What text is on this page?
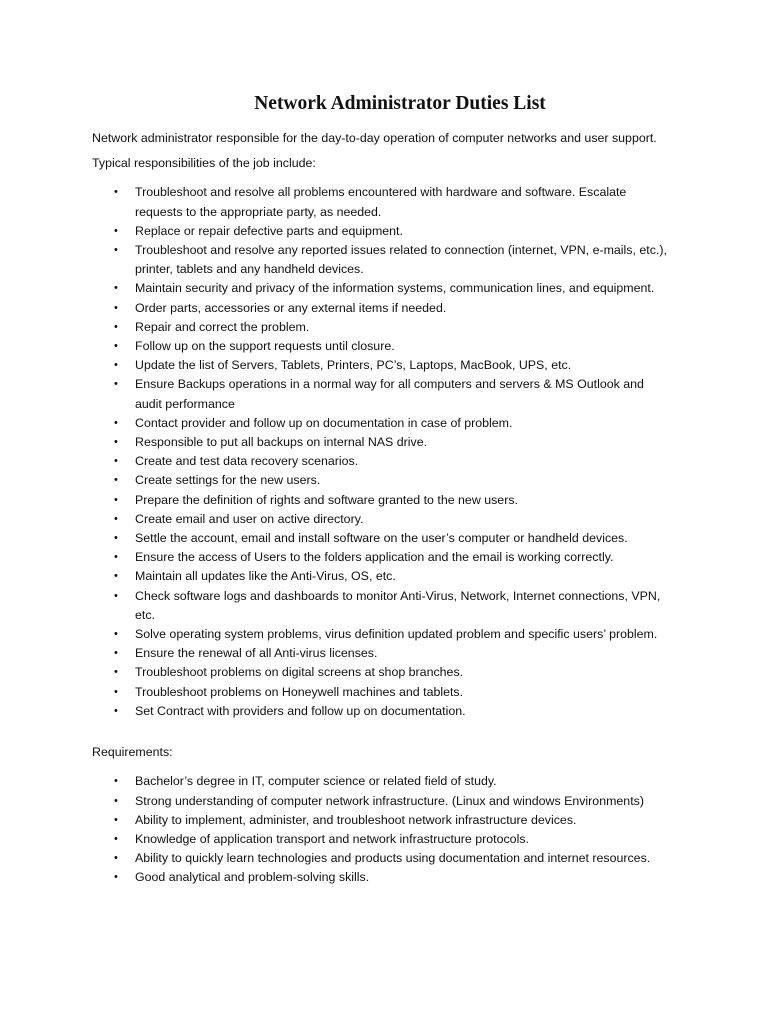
Network Administrator Duties List

Network administrator responsible for the day-to-day operation of computer networks and user support.

Typical responsibilities of the job include:

• Troubleshoot and resolve all problems encountered with hardware and software. Escalate requests to the appropriate party, as needed.
• Replace or repair defective parts and equipment.
• Troubleshoot and resolve any reported issues related to connection (internet, VPN, e-mails, etc.), printer, tablets and any handheld devices.
• Maintain security and privacy of the information systems, communication lines, and equipment.
• Order parts, accessories or any external items if needed.
• Repair and correct the problem.
• Follow up on the support requests until closure.
• Update the list of Servers, Tablets, Printers, PC’s, Laptops, MacBook, UPS, etc.
• Ensure Backups operations in a normal way for all computers and servers & MS Outlook and audit performance
• Contact provider and follow up on documentation in case of problem.
• Responsible to put all backups on internal NAS drive.
• Create and test data recovery scenarios.
• Create settings for the new users.
• Prepare the definition of rights and software granted to the new users.
• Create email and user on active directory.
• Settle the account, email and install software on the user’s computer or handheld devices.
• Ensure the access of Users to the folders application and the email is working correctly.
• Maintain all updates like the Anti-Virus, OS, etc.
• Check software logs and dashboards to monitor Anti-Virus, Network, Internet connections, VPN, etc.
• Solve operating system problems, virus definition updated problem and specific users’ problem.
• Ensure the renewal of all Anti-virus licenses.
• Troubleshoot problems on digital screens at shop branches.
• Troubleshoot problems on Honeywell machines and tablets.
• Set Contract with providers and follow up on documentation.

Requirements:

• Bachelor’s degree in IT, computer science or related field of study.
• Strong understanding of computer network infrastructure. (Linux and windows Environments)
• Ability to implement, administer, and troubleshoot network infrastructure devices.
• Knowledge of application transport and network infrastructure protocols.
• Ability to quickly learn technologies and products using documentation and internet resources.
• Good analytical and problem-solving skills.
